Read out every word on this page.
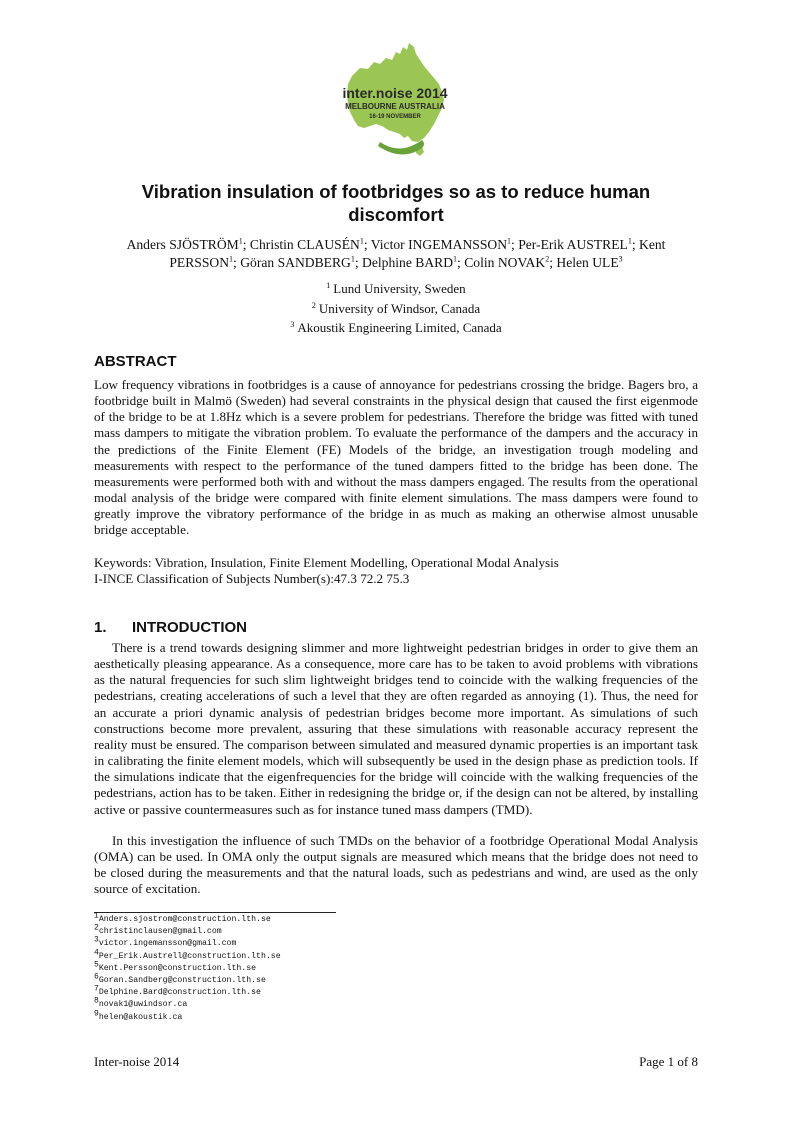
inter.noise 2014
MELBOURNE AUSTRALIA
16-19 NOVEMBER
Vibration insulation of footbridges so as to reduce human
discomfort
Anders SJÖSTRÖM$^1$; Christin CLAUSÉN$^1$; Victor INGEMANSSON$^1$; Per-Erik AUSTREL$^1$; Kent PERSSON$^1$; Göran SANDBERG$^1$; Delphine BARD$^1$; Colin NOVAK$^2$; Helen ULE$^3$
$^1$ Lund University, Sweden
$^2$ University of Windsor, Canada
$^3$ Akoustik Engineering Limited, Canada
ABSTRACT
Low frequency vibrations in footbridges is a cause of annoyance for pedestrians crossing the bridge. Bagers bro, a footbridge built in Malmö (Sweden) had several constraints in the physical design that caused the first eigenmode of the bridge to be at 1.8Hz which is a severe problem for pedestrians. Therefore the bridge was fitted with tuned mass dampers to mitigate the vibration problem. To evaluate the performance of the dampers and the accuracy in the predictions of the Finite Element (FE) Models of the bridge, an investigation trough modeling and measurements with respect to the performance of the tuned dampers fitted to the bridge has been done. The measurements were performed both with and without the mass dampers engaged. The results from the operational modal analysis of the bridge were compared with finite element simulations. The mass dampers were found to greatly improve the vibratory performance of the bridge in as much as making an otherwise almost unusable bridge acceptable.
Keywords: Vibration, Insulation, Finite Element Modelling, Operational Modal Analysis
I-INCE Classification of Subjects Number(s):47.3 72.2 75.3
1. INTRODUCTION
There is a trend towards designing slimmer and more lightweight pedestrian bridges in order to give them an aesthetically pleasing appearance. As a consequence, more care has to be taken to avoid problems with vibrations as the natural frequencies for such slim lightweight bridges tend to coincide with the walking frequencies of the pedestrians, creating accelerations of such a level that they are often regarded as annoying (1). Thus, the need for an accurate a priori dynamic analysis of pedestrian bridges become more important. As simulations of such constructions become more prevalent, assuring that these simulations with reasonable accuracy represent the reality must be ensured. The comparison between simulated and measured dynamic properties is an important task in calibrating the finite element models, which will subsequently be used in the design phase as prediction tools. If the simulations indicate that the eigenfrequencies for the bridge will coincide with the walking frequencies of the pedestrians, action has to be taken. Either in redesigning the bridge or, if the design can not be altered, by installing active or passive countermeasures such as for instance tuned mass dampers (TMD).
In this investigation the influence of such TMDs on the behavior of a footbridge Operational Modal Analysis (OMA) can be used. In OMA only the output signals are measured which means that the bridge does not need to be closed during the measurements and that the natural loads, such as pedestrians and wind, are used as the only source of excitation.
$^1$Anders.sjostrom@construction.lth.se
$^2$christinclausen@gmail.com
$^3$victor.ingemansson@gmail.com
$^4$Per_Erik.Austrell@construction.lth.se
$^5$Kent.Persson@construction.lth.se
$^6$Goran.Sandberg@construction.lth.se
$^7$Delphine.Bard@construction.lth.se
$^8$novak1@uwindsor.ca
$^9$helen@akoustik.ca
Inter-noise 2014	Page 1 of 8
